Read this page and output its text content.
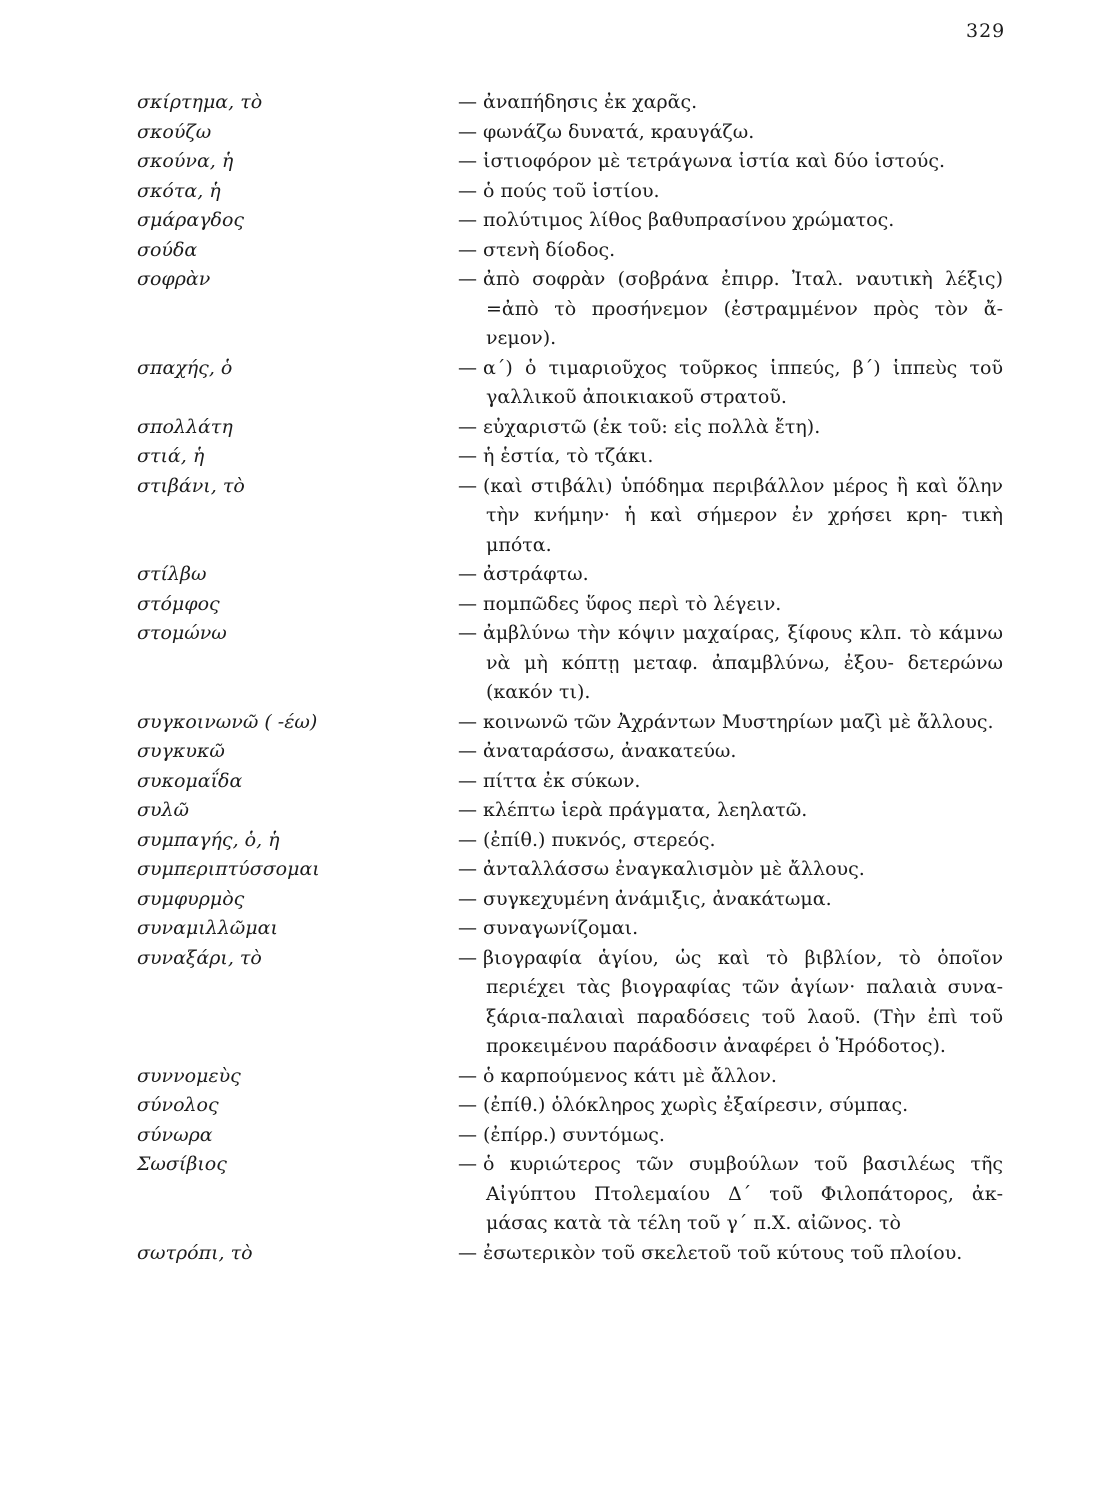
329
σκίρτημα, τὸ	— ἀναπήδησις ἐκ χαρᾶς.
σκούζω	— φωνάζω δυνατά, κραυγάζω.
σκούνα, ἡ	— ἱστιοφόρον μὲ τετράγωνα ἱστία καὶ δύο ἱστούς.
σκότα, ἡ	— ὁ πούς τοῦ ἱστίου.
σμάραγδος	— πολύτιμος λίθος βαθυπρασίνου χρώματος.
σούδα	— στενὴ δίοδος.
σοφρὰν	— ἀπὸ σοφρὰν (σοβράνα ἐπιρρ. Ἰταλ. ναυτικὴ λέξις) =ἀπὸ τὸ προσήνεμον (ἐστραμμένον πρὸς τὸν ἄ- νεμον).
σπαχής, ὁ	— α΄) ὁ τιμαριοῦχος τοῦρκος ἱππεύς, β΄) ἱππεὺς τοῦ γαλλικοῦ ἀποικιακοῦ στρατοῦ.
σπολλάτη	— εὐχαριστῶ (ἐκ τοῦ: εἰς πολλὰ ἔτη).
στιά, ἡ	— ἡ ἑστία, τὸ τζάκι.
στιβάνι, τὸ	— (καὶ στιβάλι) ὑπόδημα περιβάλλον μέρος ἢ καὶ ὅλην τὴν κνήμην· ἡ καὶ σήμερον ἐν χρήσει κρη- τικὴ μπότα.
στίλβω	— ἀστράφτω.
στόμφος	— πομπῶδες ὕφος περὶ τὸ λέγειν.
στομώνω	— ἀμβλύνω τὴν κόψιν μαχαίρας, ξίφους κλπ. τὸ κάμνω νὰ μὴ κόπτῃ μεταφ. ἀπαμβλύνω, ἐξου- δετερώνω (κακόν τι).
συγκοινωνῶ ( -έω)	— κοινωνῶ τῶν Ἀχράντων Μυστηρίων μαζὶ μὲ ἄλλους.
συγκυκῶ	— ἀναταράσσω, ἀνακατεύω.
συκομαΐδα	— πίττα ἐκ σύκων.
συλῶ	— κλέπτω ἱερὰ πράγματα, λεηλατῶ.
συμπαγής, ὁ, ἡ	— (ἐπίθ.) πυκνός, στερεός.
συμπεριπτύσσομαι	— ἀνταλλάσσω ἐναγκαλισμὸν μὲ ἄλλους.
συμφυρμὸς	— συγκεχυμένη ἀνάμιξις, ἀνακάτωμα.
συναμιλλῶμαι	— συναγωνίζομαι.
συναξάρι, τὸ	— βιογραφία ἁγίου, ὡς καὶ τὸ βιβλίον, τὸ ὁποῖον περιέχει τὰς βιογραφίας τῶν ἁγίων· παλαιὰ συνα- ξάρια-παλαιαὶ παραδόσεις τοῦ λαοῦ. (Τὴν ἐπὶ τοῦ προκειμένου παράδοσιν ἀναφέρει ὁ Ἡρόδοτος).
συννομεὺς	— ὁ καρπούμενος κάτι μὲ ἄλλον.
σύνολος	— (ἐπίθ.) ὁλόκληρος χωρὶς ἐξαίρεσιν, σύμπας.
σύνωρα	— (ἐπίρρ.) συντόμως.
Σωσίβιος	— ὁ κυριώτερος τῶν συμβούλων τοῦ βασιλέως τῆς Αἰγύπτου Πτολεμαίου Δ΄ τοῦ Φιλοπάτορος, ἀκ- μάσας κατὰ τὰ τέλη τοῦ γ΄ π.Χ. αἰῶνος. τὸ
σωτρόπι, τὸ	— ἐσωτερικὸν τοῦ σκελετοῦ τοῦ κύτους τοῦ πλοίου.
